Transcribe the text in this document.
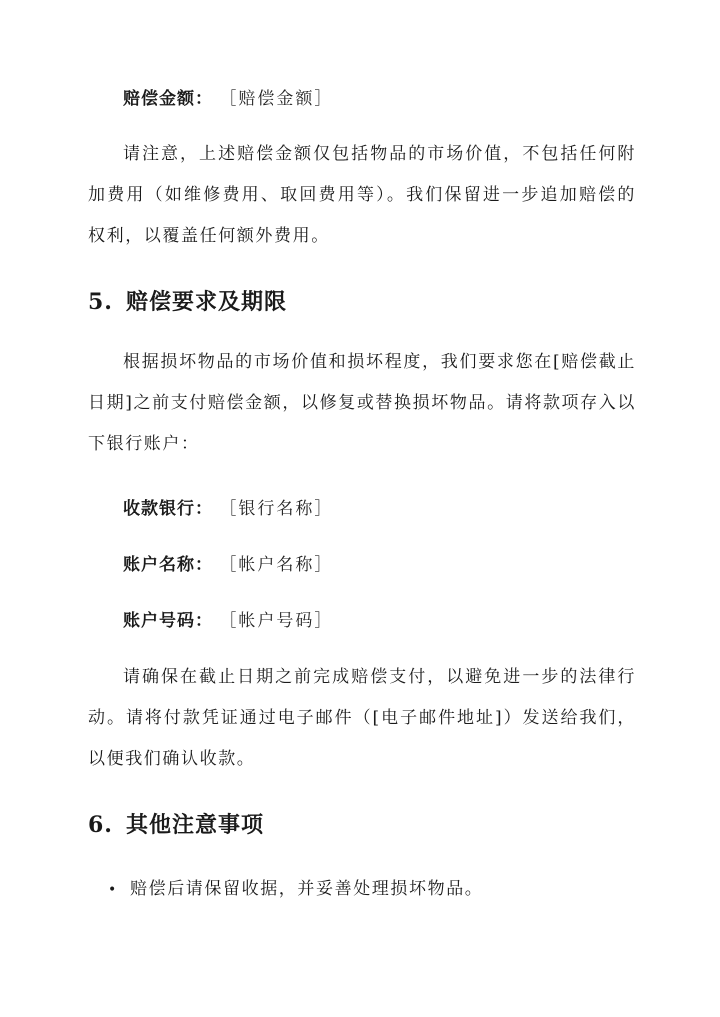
赔偿金额： ［赔偿金额］
请注意，上述赔偿金额仅包括物品的市场价值，不包括任何附加费用（如维修费用、取回费用等）。我们保留进一步追加赔偿的权利，以覆盖任何额外费用。
5. 赔偿要求及期限
根据损坏物品的市场价值和损坏程度，我们要求您在[赔偿截止日期]之前支付赔偿金额，以修复或替换损坏物品。请将款项存入以下银行账户：
收款银行： ［银行名称］
账户名称： ［帐户名称］
账户号码： ［帐户号码］
请确保在截止日期之前完成赔偿支付，以避免进一步的法律行动。请将付款凭证通过电子邮件（[电子邮件地址]）发送给我们，以便我们确认收款。
6. 其他注意事项
• 赔偿后请保留收据，并妥善处理损坏物品。
